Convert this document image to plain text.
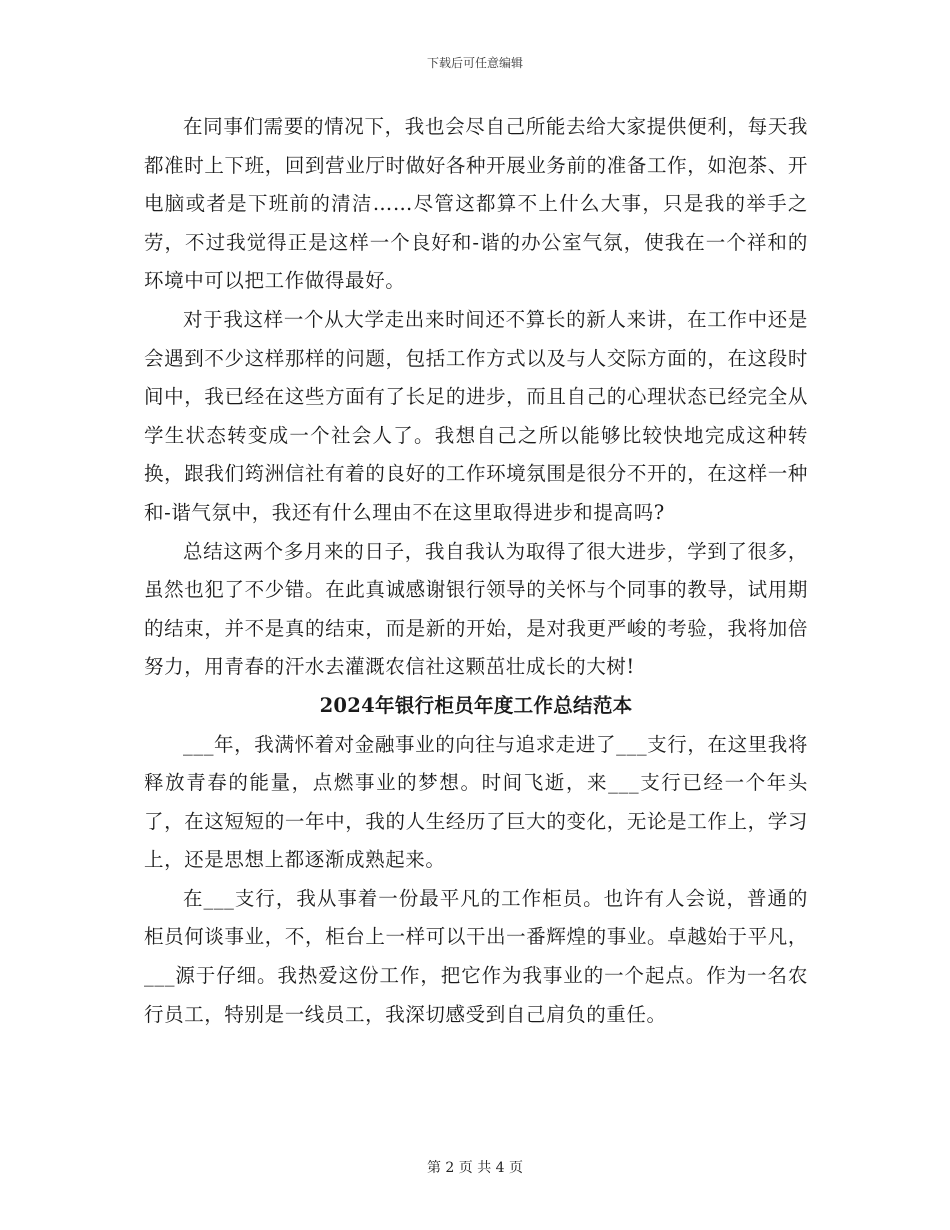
下载后可任意编辑

在同事们需要的情况下，我也会尽自己所能去给大家提供便利，每天我都准时上下班，回到营业厅时做好各种开展业务前的准备工作，如泡茶、开电脑或者是下班前的清洁……尽管这都算不上什么大事，只是我的举手之劳，不过我觉得正是这样一个良好和-谐的办公室气氛，使我在一个祥和的环境中可以把工作做得最好。

对于我这样一个从大学走出来时间还不算长的新人来讲，在工作中还是会遇到不少这样那样的问题，包括工作方式以及与人交际方面的，在这段时间中，我已经在这些方面有了长足的进步，而且自己的心理状态已经完全从学生状态转变成一个社会人了。我想自己之所以能够比较快地完成这种转换，跟我们筠洲信社有着的良好的工作环境氛围是很分不开的，在这样一种和-谐气氛中，我还有什么理由不在这里取得进步和提高吗?

总结这两个多月来的日子，我自我认为取得了很大进步，学到了很多，虽然也犯了不少错。在此真诚感谢银行领导的关怀与个同事的教导，试用期的结束，并不是真的结束，而是新的开始，是对我更严峻的考验，我将加倍努力，用青春的汗水去灌溉农信社这颗茁壮成长的大树!

2024年银行柜员年度工作总结范本

___年，我满怀着对金融事业的向往与追求走进了___支行，在这里我将释放青春的能量，点燃事业的梦想。时间飞逝，来___支行已经一个年头了，在这短短的一年中，我的人生经历了巨大的变化，无论是工作上，学习上，还是思想上都逐渐成熟起来。

在___支行，我从事着一份最平凡的工作柜员。也许有人会说，普通的柜员何谈事业，不，柜台上一样可以干出一番辉煌的事业。卓越始于平凡，___源于仔细。我热爱这份工作，把它作为我事业的一个起点。作为一名农行员工，特别是一线员工，我深切感受到自己肩负的重任。

第 2 页 共 4 页
